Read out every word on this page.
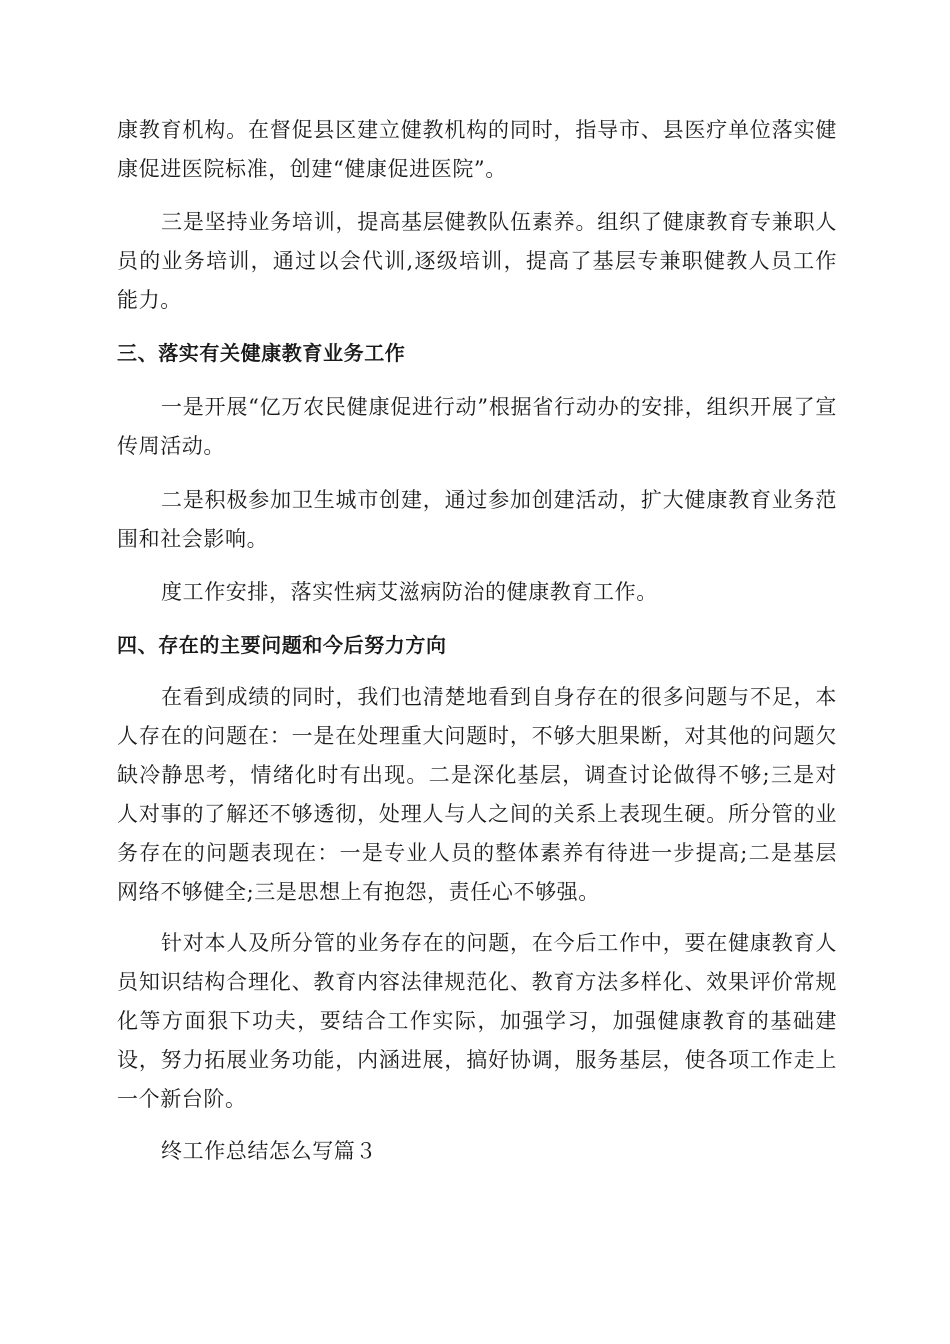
康教育机构。在督促县区建立健教机构的同时，指导市、县医疗单位落实健康促进医院标准，创建“健康促进医院”。

三是坚持业务培训，提高基层健教队伍素养。组织了健康教育专兼职人员的业务培训，通过以会代训,逐级培训，提高了基层专兼职健教人员工作能力。

三、落实有关健康教育业务工作

一是开展“亿万农民健康促进行动”根据省行动办的安排，组织开展了宣传周活动。

二是积极参加卫生城市创建，通过参加创建活动，扩大健康教育业务范围和社会影响。

度工作安排，落实性病艾滋病防治的健康教育工作。

四、存在的主要问题和今后努力方向

在看到成绩的同时，我们也清楚地看到自身存在的很多问题与不足，本人存在的问题在：一是在处理重大问题时，不够大胆果断，对其他的问题欠缺冷静思考，情绪化时有出现。二是深化基层，调查讨论做得不够;三是对人对事的了解还不够透彻，处理人与人之间的关系上表现生硬。所分管的业务存在的问题表现在：一是专业人员的整体素养有待进一步提高;二是基层网络不够健全;三是思想上有抱怨，责任心不够强。

针对本人及所分管的业务存在的问题，在今后工作中，要在健康教育人员知识结构合理化、教育内容法律规范化、教育方法多样化、效果评价常规化等方面狠下功夫，要结合工作实际，加强学习，加强健康教育的基础建设，努力拓展业务功能，内涵进展，搞好协调，服务基层，使各项工作走上一个新台阶。

终工作总结怎么写篇３
